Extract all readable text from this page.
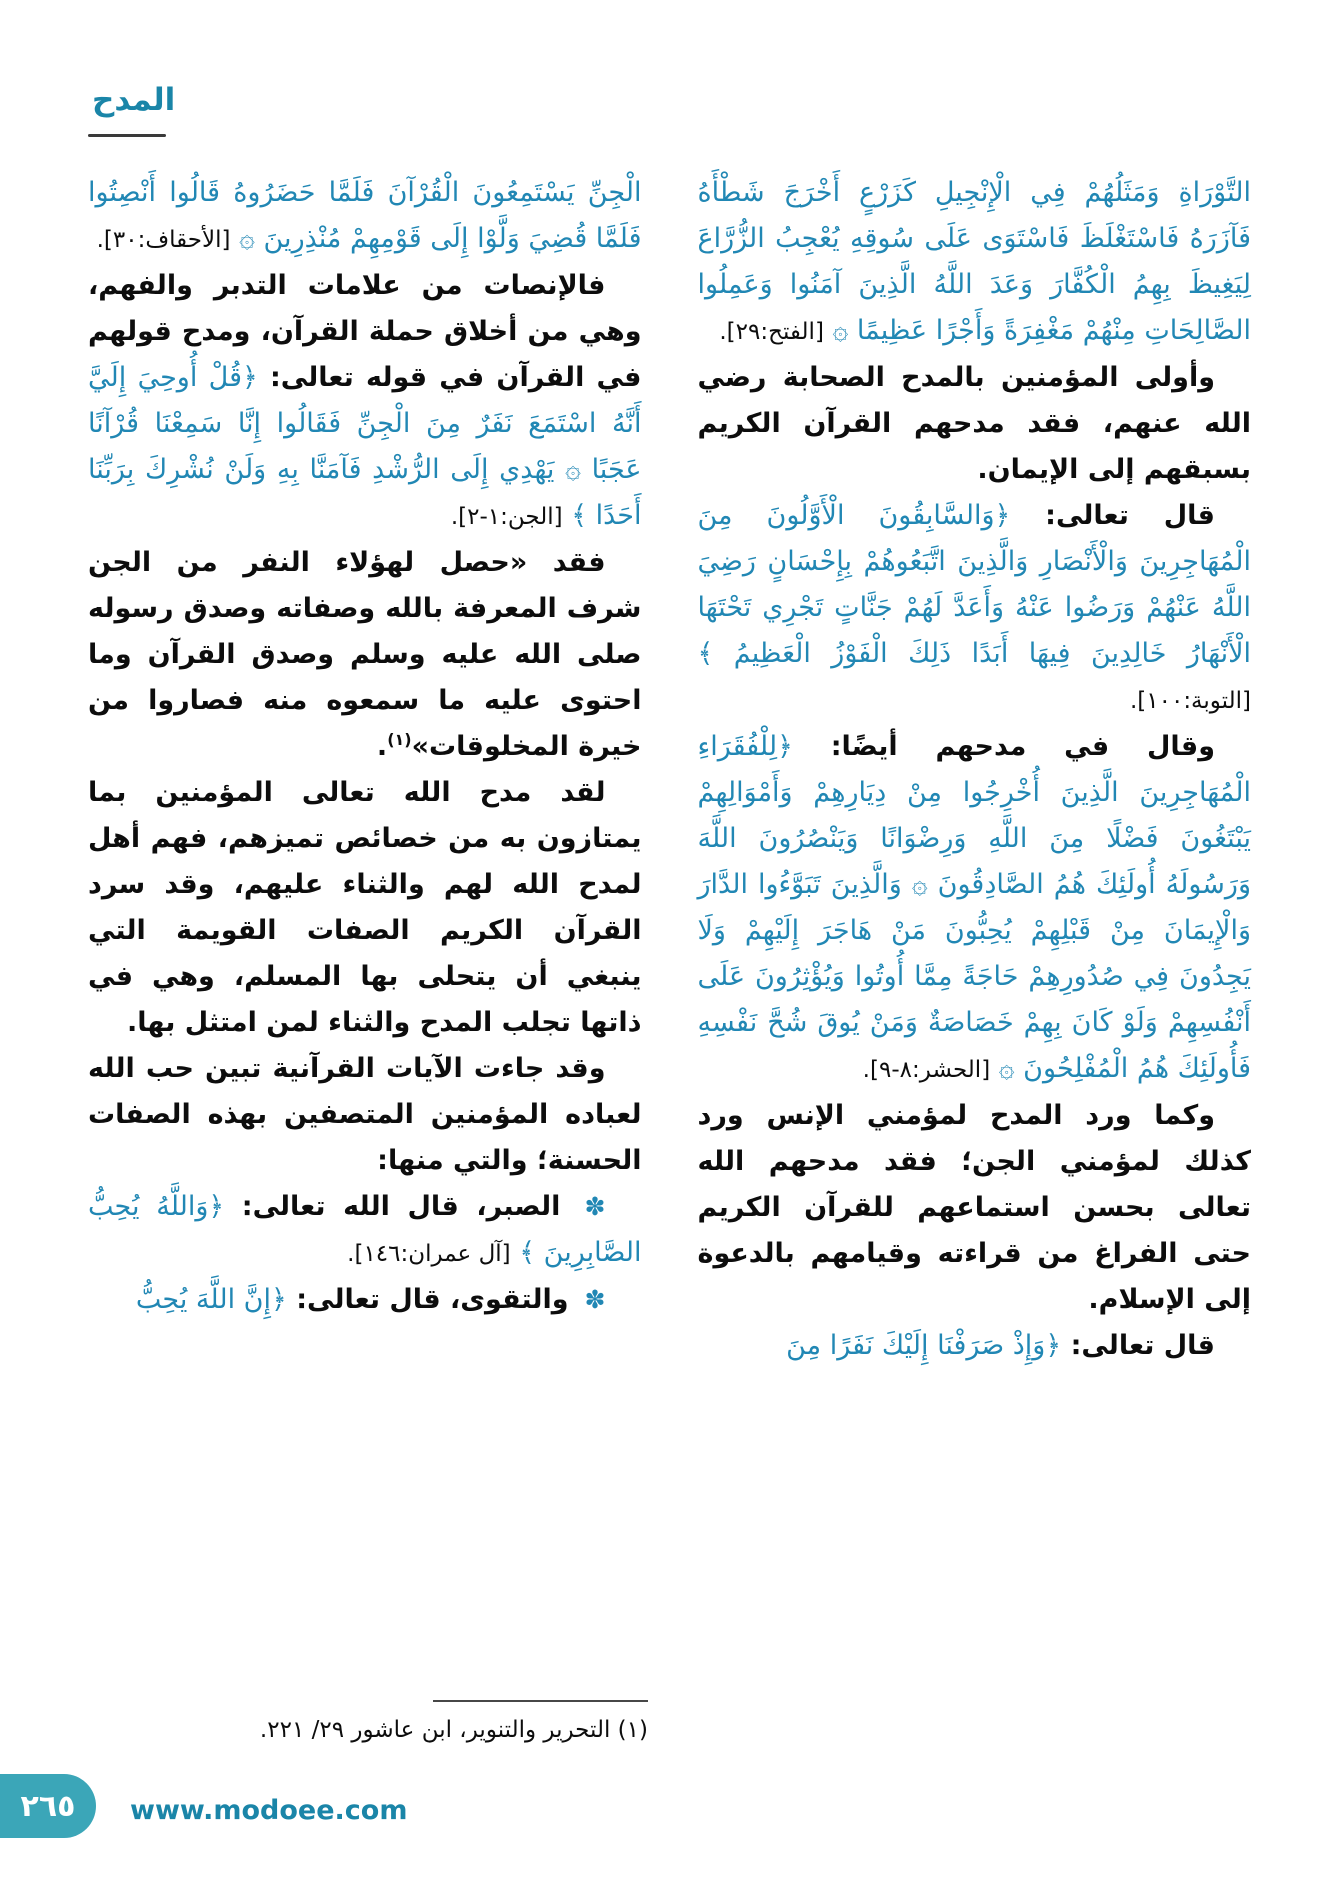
المدح

التَّوْرَاةِ وَمَثَلُهُمْ فِي الْإِنْجِيلِ كَزَرْعٍ أَخْرَجَ شَطْأَهُ فَآزَرَهُ فَاسْتَغْلَظَ فَاسْتَوَى عَلَى سُوقِهِ يُعْجِبُ الزُّرَّاعَ لِيَغِيظَ بِهِمُ الْكُفَّارَ وَعَدَ اللَّهُ الَّذِينَ آمَنُوا وَعَمِلُوا الصَّالِحَاتِ مِنْهُمْ مَغْفِرَةً وَأَجْرًا عَظِيمًا ۞ [الفتح:٢٩].

وأولى المؤمنين بالمدح الصحابة رضي الله عنهم، فقد مدحهم القرآن الكريم بسبقهم إلى الإيمان.

قال تعالى: ﴿وَالسَّابِقُونَ الْأَوَّلُونَ مِنَ الْمُهَاجِرِينَ وَالْأَنْصَارِ وَالَّذِينَ اتَّبَعُوهُمْ بِإِحْسَانٍ رَضِيَ اللَّهُ عَنْهُمْ وَرَضُوا عَنْهُ وَأَعَدَّ لَهُمْ جَنَّاتٍ تَجْرِي تَحْتَهَا الْأَنْهَارُ خَالِدِينَ فِيهَا أَبَدًا ذَلِكَ الْفَوْزُ الْعَظِيمُ ﴾ [التوبة:١٠٠].

وقال في مدحهم أيضًا: ﴿لِلْفُقَرَاءِ الْمُهَاجِرِينَ الَّذِينَ أُخْرِجُوا مِنْ دِيَارِهِمْ وَأَمْوَالِهِمْ يَبْتَغُونَ فَضْلًا مِنَ اللَّهِ وَرِضْوَانًا وَيَنْصُرُونَ اللَّهَ وَرَسُولَهُ أُولَئِكَ هُمُ الصَّادِقُونَ ۞ وَالَّذِينَ تَبَوَّءُوا الدَّارَ وَالْإِيمَانَ مِنْ قَبْلِهِمْ يُحِبُّونَ مَنْ هَاجَرَ إِلَيْهِمْ وَلَا يَجِدُونَ فِي صُدُورِهِمْ حَاجَةً مِمَّا أُوتُوا وَيُؤْثِرُونَ عَلَى أَنْفُسِهِمْ وَلَوْ كَانَ بِهِمْ خَصَاصَةٌ وَمَنْ يُوقَ شُحَّ نَفْسِهِ فَأُولَئِكَ هُمُ الْمُفْلِحُونَ ۞ [الحشر:٨-٩].

وكما ورد المدح لمؤمني الإنس ورد كذلك لمؤمني الجن؛ فقد مدحهم الله تعالى بحسن استماعهم للقرآن الكريم حتى الفراغ من قراءته وقيامهم بالدعوة إلى الإسلام.

قال تعالى: ﴿وَإِذْ صَرَفْنَا إِلَيْكَ نَفَرًا مِنَ

الْجِنِّ يَسْتَمِعُونَ الْقُرْآنَ فَلَمَّا حَضَرُوهُ قَالُوا أَنْصِتُوا فَلَمَّا قُضِيَ وَلَّوْا إِلَى قَوْمِهِمْ مُنْذِرِينَ ۞ [الأحقاف:٣٠].

فالإنصات من علامات التدبر والفهم، وهي من أخلاق حملة القرآن، ومدح قولهم في القرآن في قوله تعالى: ﴿قُلْ أُوحِيَ إِلَيَّ أَنَّهُ اسْتَمَعَ نَفَرٌ مِنَ الْجِنِّ فَقَالُوا إِنَّا سَمِعْنَا قُرْآنًا عَجَبًا ۞ يَهْدِي إِلَى الرُّشْدِ فَآمَنَّا بِهِ وَلَنْ نُشْرِكَ بِرَبِّنَا أَحَدًا ﴾ [الجن:١-٢].

فقد «حصل لهؤلاء النفر من الجن شرف المعرفة بالله وصفاته وصدق رسوله صلى الله عليه وسلم وصدق القرآن وما احتوى عليه ما سمعوه منه فصاروا من خيرة المخلوقات»$^{(١)}$.

لقد مدح الله تعالى المؤمنين بما يمتازون به من خصائص تميزهم، فهم أهل لمدح الله لهم والثناء عليهم، وقد سرد القرآن الكريم الصفات القويمة التي ينبغي أن يتحلى بها المسلم، وهي في ذاتها تجلب المدح والثناء لمن امتثل بها.

وقد جاءت الآيات القرآنية تبين حب الله لعباده المؤمنين المتصفين بهذه الصفات الحسنة؛ والتي منها:

✽ الصبر، قال الله تعالى: ﴿وَاللَّهُ يُحِبُّ الصَّابِرِينَ ﴾ [آل عمران:١٤٦].

✽ والتقوى، قال تعالى: ﴿إِنَّ اللَّهَ يُحِبُّ

(١) التحرير والتنوير، ابن عاشور ٢٩/ ٢٢١.
٢٦٥ www.modoee.com
